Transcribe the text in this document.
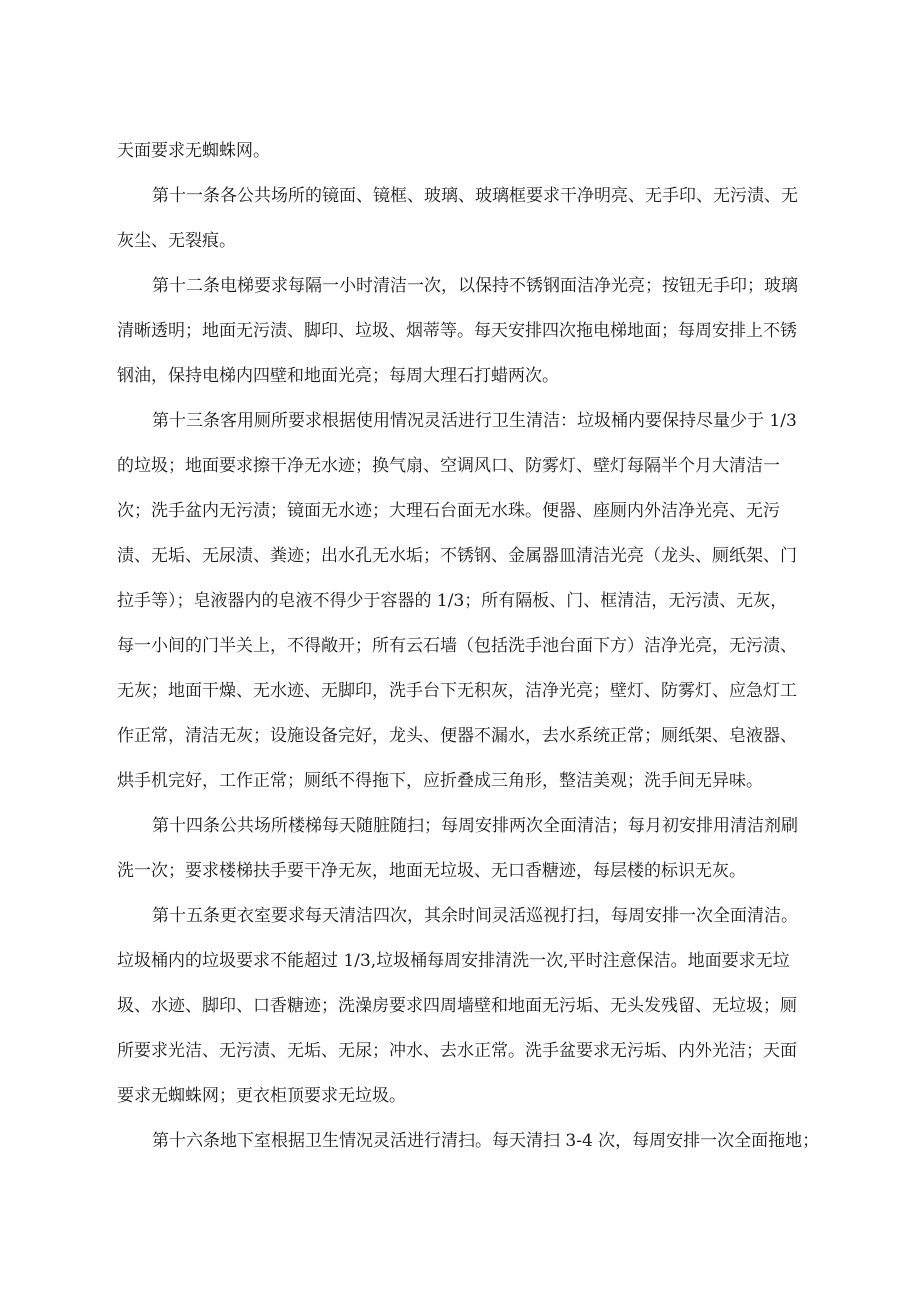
天面要求无蜘蛛网。

第十一条各公共场所的镜面、镜框、玻璃、玻璃框要求干净明亮、无手印、无污渍、无

灰尘、无裂痕。

第十二条电梯要求每隔一小时清洁一次，以保持不锈钢面洁净光亮；按钮无手印；玻璃

清晰透明；地面无污渍、脚印、垃圾、烟蒂等。每天安排四次拖电梯地面；每周安排上不锈

钢油，保持电梯内四壁和地面光亮；每周大理石打蜡两次。

第十三条客用厕所要求根据使用情况灵活进行卫生清洁：垃圾桶内要保持尽量少于 1/3

的垃圾；地面要求擦干净无水迹；换气扇、空调风口、防雾灯、壁灯每隔半个月大清洁一

次；洗手盆内无污渍；镜面无水迹；大理石台面无水珠。便器、座厕内外洁净光亮、无污

渍、无垢、无尿渍、粪迹；出水孔无水垢；不锈钢、金属器皿清洁光亮（龙头、厕纸架、门

拉手等）；皂液器内的皂液不得少于容器的 1/3；所有隔板、门、框清洁，无污渍、无灰，

每一小间的门半关上，不得敞开；所有云石墙（包括洗手池台面下方）洁净光亮，无污渍、

无灰；地面干燥、无水迹、无脚印，洗手台下无积灰，洁净光亮；壁灯、防雾灯、应急灯工

作正常，清洁无灰；设施设备完好，龙头、便器不漏水，去水系统正常；厕纸架、皂液器、

烘手机完好，工作正常；厕纸不得拖下，应折叠成三角形，整洁美观；洗手间无异味。

第十四条公共场所楼梯每天随脏随扫；每周安排两次全面清洁；每月初安排用清洁剂刷

洗一次；要求楼梯扶手要干净无灰，地面无垃圾、无口香糖迹，每层楼的标识无灰。

第十五条更衣室要求每天清洁四次，其余时间灵活巡视打扫，每周安排一次全面清洁。

垃圾桶内的垃圾要求不能超过 1/3,垃圾桶每周安排清洗一次,平时注意保洁。地面要求无垃

圾、水迹、脚印、口香糖迹；洗澡房要求四周墙壁和地面无污垢、无头发残留、无垃圾；厕

所要求光洁、无污渍、无垢、无尿；冲水、去水正常。洗手盆要求无污垢、内外光洁；天面

要求无蜘蛛网；更衣柜顶要求无垃圾。

第十六条地下室根据卫生情况灵活进行清扫。每天清扫 3-4 次，每周安排一次全面拖地；
